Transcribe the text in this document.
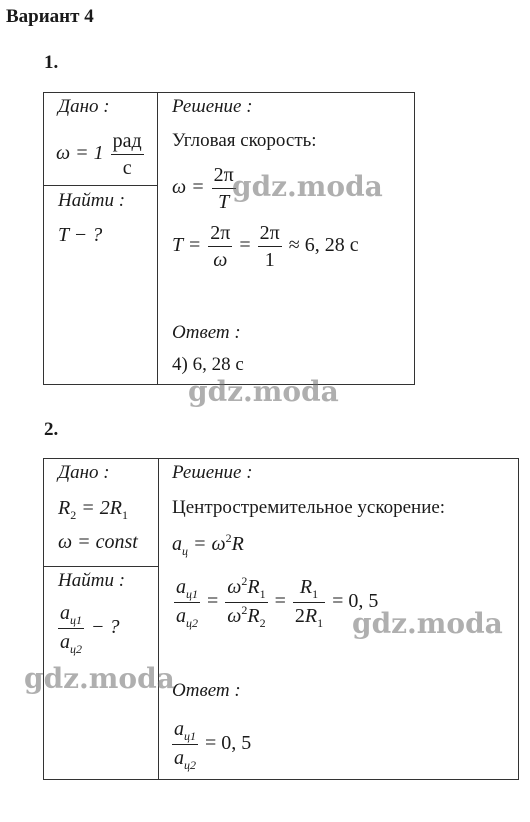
Вариант 4
1.
Дано :
$\omega = 1 \frac{\text{рад}}{с}$
Найти :
T − ?
Решение :
Угловая скорость:
$\omega = \frac{2\pi}{T}$
$T = \frac{2\pi}{\omega} = \frac{2\pi}{1} \approx 6$, 28 с
Ответ :
4) 6, 28 с
gdz.moda
gdz.moda
2.
Дано :
$R_2 = 2R_1$
ω = const
Найти :
$\frac{a_{ц1}}{a_{ц2}}$ − ?
Решение :
Центростремительное ускорение:
$a_ц = \omega^2R$
$\frac{a_{ц1}}{a_{ц2}} = \frac{\omega^2R_1}{\omega^2R_2} = \frac{R_1}{2R_1} = 0$, 5
Ответ :
$\frac{a_{ц1}}{a_{ц2}} = 0$, 5
gdz.moda
gdz.moda
